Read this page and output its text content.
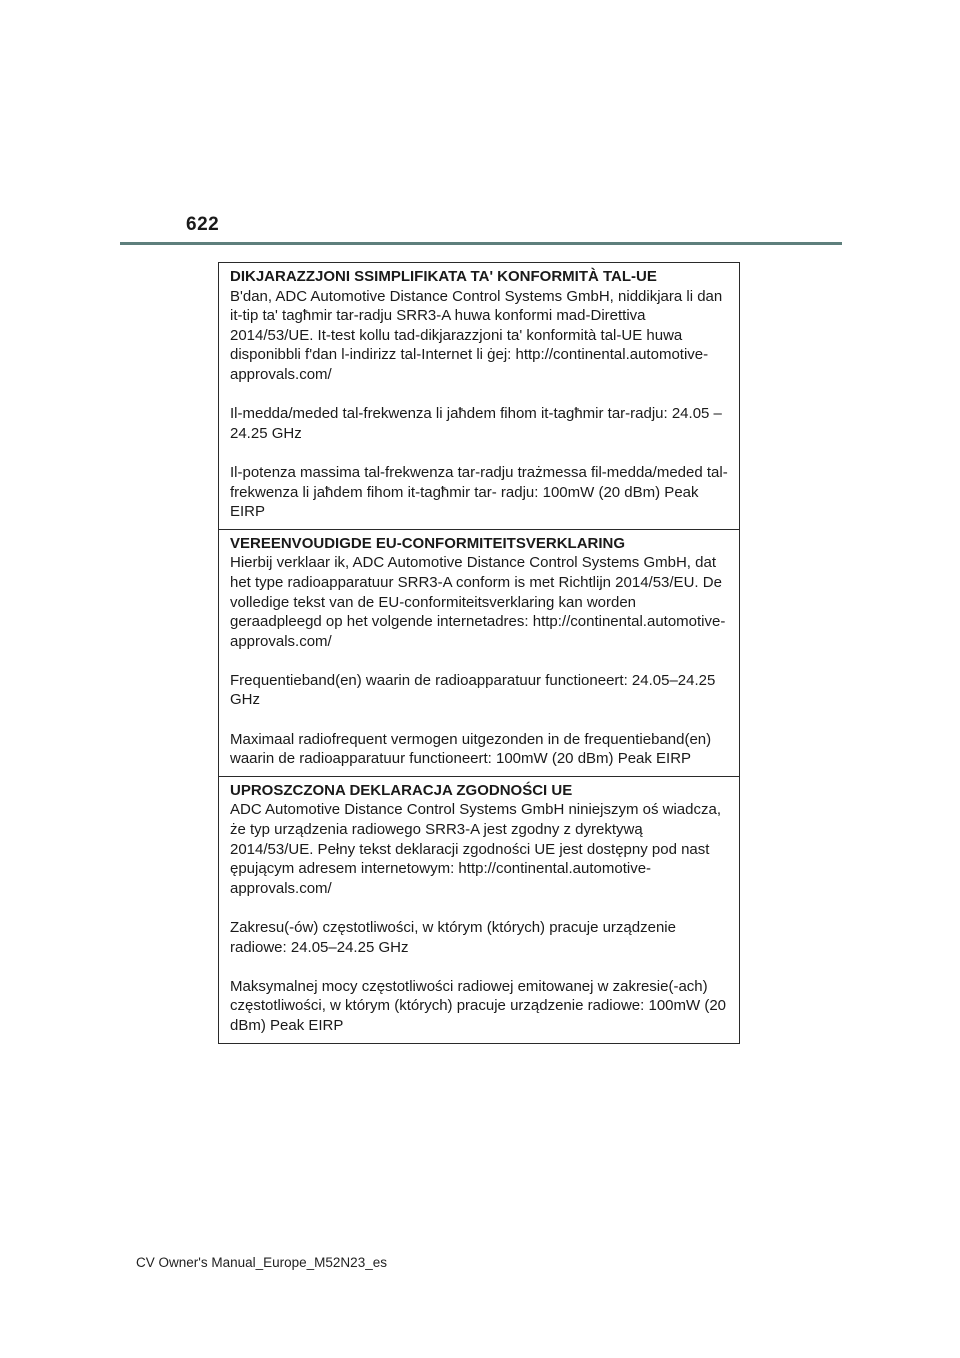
622

DIKJARAZZJONI SSIMPLIFIKATA TA' KONFORMITÀ TAL-UE

B'dan, ADC Automotive Distance Control Systems GmbH, niddikjara li dan it-tip ta' tagħmir tar-radju SRR3-A huwa konformi mad-Direttiva 2014/53/UE. It-test kollu tad-dikjarazzjoni ta' konformità tal-UE huwa disponibbli f'dan l-indirizz tal-Internet li ġej: http://continental.automotive-approvals.com/

Il-medda/meded tal-frekwenza li jaħdem fihom it-tagħmir tar-radju: 24.05 –24.25 GHz

Il-potenza massima tal-frekwenza tar-radju trażmessa fil-medda/meded tal-frekwenza li jaħdem fihom it-tagħmir tar- radju: 100mW (20 dBm) Peak EIRP

VEREENVOUDIGDE EU-CONFORMITEITSVERKLARING

Hierbij verklaar ik, ADC Automotive Distance Control Systems GmbH, dat het type radioapparatuur SRR3-A conform is met Richtlijn 2014/53/EU. De volledige tekst van de EU-conformiteitsverklaring kan worden geraadpleegd op het volgende internetadres: http://continental.automotive-approvals.com/

Frequentieband(en) waarin de radioapparatuur functioneert: 24.05–24.25 GHz

Maximaal radiofrequent vermogen uitgezonden in de frequentieband(en) waarin de radioapparatuur functioneert: 100mW (20 dBm) Peak EIRP

UPROSZCZONA DEKLARACJA ZGODNOŚCI UE

ADC Automotive Distance Control Systems GmbH niniejszym oś wiadcza, że typ urządzenia radiowego SRR3-A jest zgodny z dyrektywą 2014/53/UE. Pełny tekst deklaracji zgodności UE jest dostępny pod nast ępującym adresem internetowym: http://continental.automotive-approvals.com/

Zakresu(-ów) częstotliwości, w którym (których) pracuje urządzenie radiowe: 24.05–24.25 GHz

Maksymalnej mocy częstotliwości radiowej emitowanej w zakresie(-ach) częstotliwości, w którym (których) pracuje urządzenie radiowe: 100mW (20 dBm) Peak EIRP

CV Owner's Manual_Europe_M52N23_es
